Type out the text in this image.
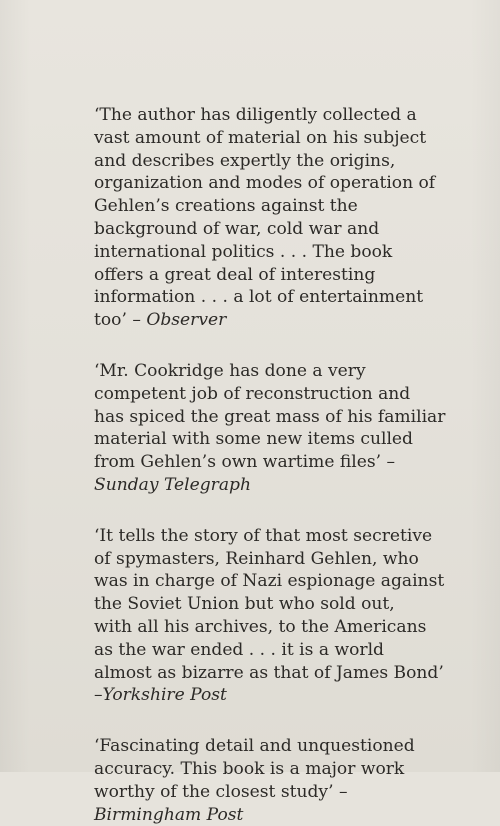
‘The author has diligently collected a
vast amount of material on his subject
and describes expertly the origins,
organization and modes of operation of
Gehlen’s creations against the
background of war, cold war and
international politics . . . The book
offers a great deal of interesting
information . . . a lot of entertainment
too’ – Observer

‘Mr. Cookridge has done a very
competent job of reconstruction and
has spiced the great mass of his familiar
material with some new items culled
from Gehlen’s own wartime files’ –
Sunday Telegraph

‘It tells the story of that most secretive
of spymasters, Reinhard Gehlen, who
was in charge of Nazi espionage against
the Soviet Union but who sold out,
with all his archives, to the Americans
as the war ended . . . it is a world
almost as bizarre as that of James Bond’
–Yorkshire Post

‘Fascinating detail and unquestioned
accuracy. This book is a major work
worthy of the closest study’ –
Birmingham Post
